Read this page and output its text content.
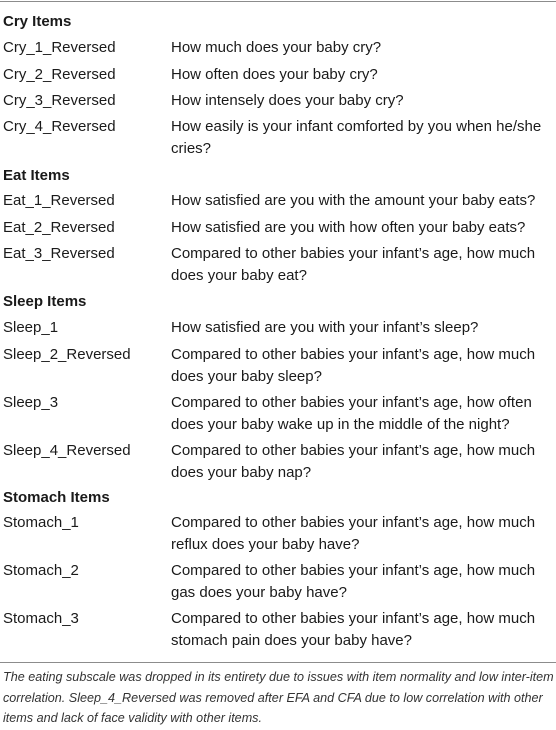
Cry Items
Cry_1_Reversed	How much does your baby cry?
Cry_2_Reversed	How often does your baby cry?
Cry_3_Reversed	How intensely does your baby cry?
Cry_4_Reversed	How easily is your infant comforted by you when he/she cries?
Eat Items
Eat_1_Reversed	How satisfied are you with the amount your baby eats?
Eat_2_Reversed	How satisfied are you with how often your baby eats?
Eat_3_Reversed	Compared to other babies your infant’s age, how much does your baby eat?
Sleep Items
Sleep_1	How satisfied are you with your infant’s sleep?
Sleep_2_Reversed	Compared to other babies your infant’s age, how much does your baby sleep?
Sleep_3	Compared to other babies your infant’s age, how often does your baby wake up in the middle of the night?
Sleep_4_Reversed	Compared to other babies your infant’s age, how much does your baby nap?
Stomach Items
Stomach_1	Compared to other babies your infant’s age, how much reflux does your baby have?
Stomach_2	Compared to other babies your infant’s age, how much gas does your baby have?
Stomach_3	Compared to other babies your infant’s age, how much stomach pain does your baby have?
The eating subscale was dropped in its entirety due to issues with item normality and low inter-item correlation. Sleep_4_Reversed was removed after EFA and CFA due to low correlation with other items and lack of face validity with other items.
